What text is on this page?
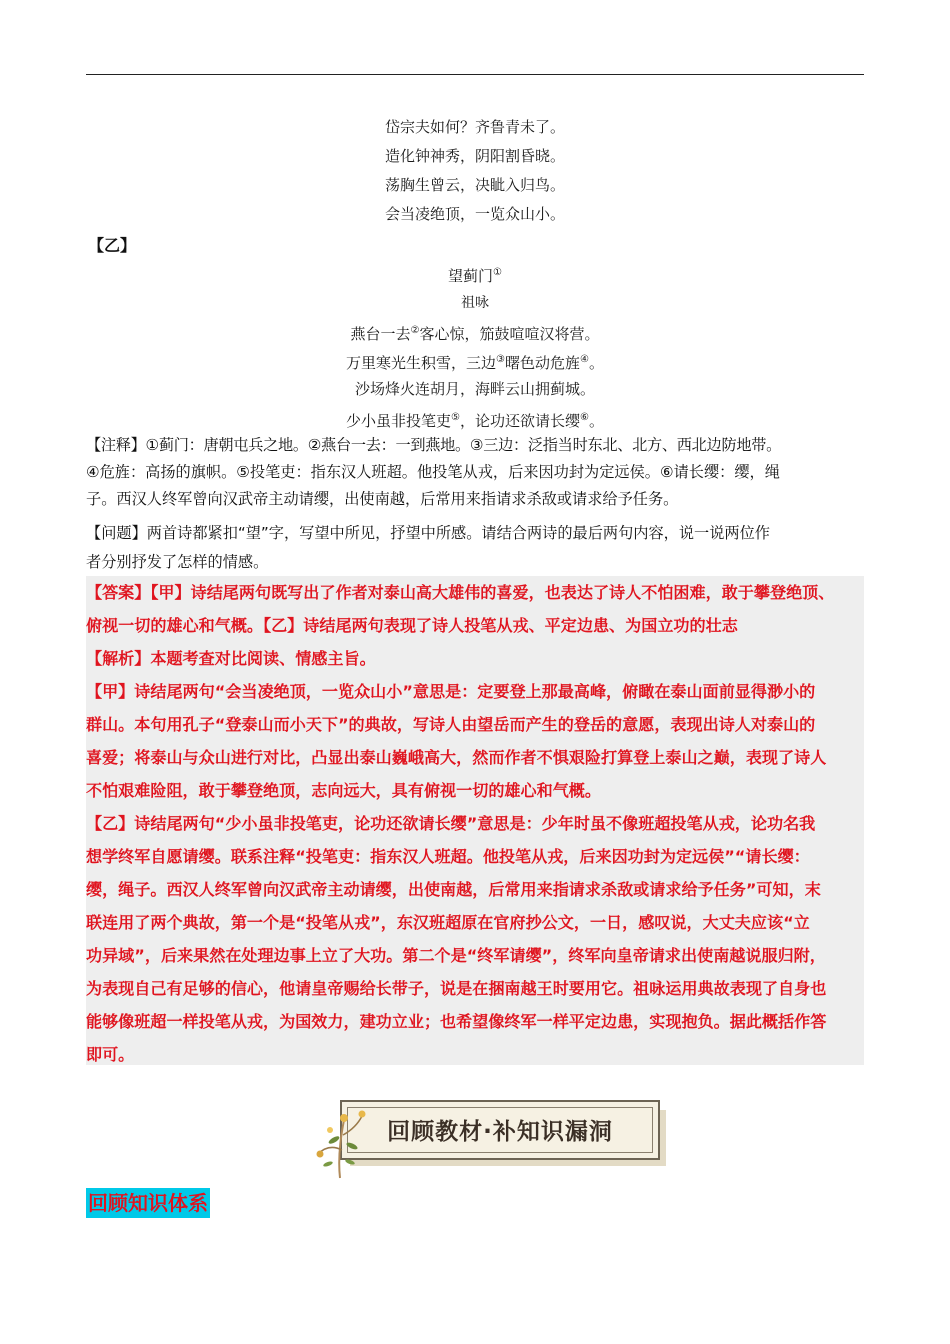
岱宗夫如何？齐鲁青未了。
造化钟神秀，阴阳割昏晓。
荡胸生曾云，决眦入归鸟。
会当凌绝顶，一览众山小。
【乙】
望蓟门①
祖咏
燕台一去②客心惊，笳鼓喧喧汉将营。
万里寒光生积雪，三边③曙色动危旌④。
沙场烽火连胡月，海畔云山拥蓟城。
少小虽非投笔吏⑤，论功还欲请长缨⑥。
【注释】①蓟门：唐朝屯兵之地。②燕台一去：一到燕地。③三边：泛指当时东北、北方、西北边防地带。
④危旌：高扬的旗帜。⑤投笔吏：指东汉人班超。他投笔从戎，后来因功封为定远侯。⑥请长缨：缨，绳
子。西汉人终军曾向汉武帝主动请缨，出使南越，后常用来指请求杀敌或请求给予任务。
【问题】两首诗都紧扣“望”字，写望中所见，抒望中所感。请结合两诗的最后两句内容，说一说两位作
者分别抒发了怎样的情感。
【答案】【甲】诗结尾两句既写出了作者对泰山高大雄伟的喜爱，也表达了诗人不怕困难，敢于攀登绝顶、
俯视一切的雄心和气概。【乙】诗结尾两句表现了诗人投笔从戎、平定边患、为国立功的壮志
【解析】本题考查对比阅读、情感主旨。
【甲】诗结尾两句“会当凌绝顶，一览众山小”意思是：定要登上那最高峰，俯瞰在泰山面前显得渺小的
群山。本句用孔子“登泰山而小天下”的典故，写诗人由望岳而产生的登岳的意愿，表现出诗人对泰山的
喜爱；将泰山与众山进行对比，凸显出泰山巍峨高大，然而作者不惧艰险打算登上泰山之巅，表现了诗人
不怕艰难险阻，敢于攀登绝顶，志向远大，具有俯视一切的雄心和气概。
【乙】诗结尾两句“少小虽非投笔吏，论功还欲请长缨”意思是：少年时虽不像班超投笔从戎，论功名我
想学终军自愿请缨。联系注释“投笔吏：指东汉人班超。他投笔从戎，后来因功封为定远侯”“请长缨：
缨，绳子。西汉人终军曾向汉武帝主动请缨，出使南越，后常用来指请求杀敌或请求给予任务”可知，末
联连用了两个典故，第一个是“投笔从戎”，东汉班超原在官府抄公文，一日，感叹说，大丈夫应该“立
功异域”，后来果然在处理边事上立了大功。第二个是“终军请缨”，终军向皇帝请求出使南越说服归附，
为表现自己有足够的信心，他请皇帝赐给长带子，说是在捆南越王时要用它。祖咏运用典故表现了自身也
能够像班超一样投笔从戎，为国效力，建功立业；也希望像终军一样平定边患，实现抱负。据此概括作答
即可。
回顾教材·补知识漏洞
回顾知识体系
